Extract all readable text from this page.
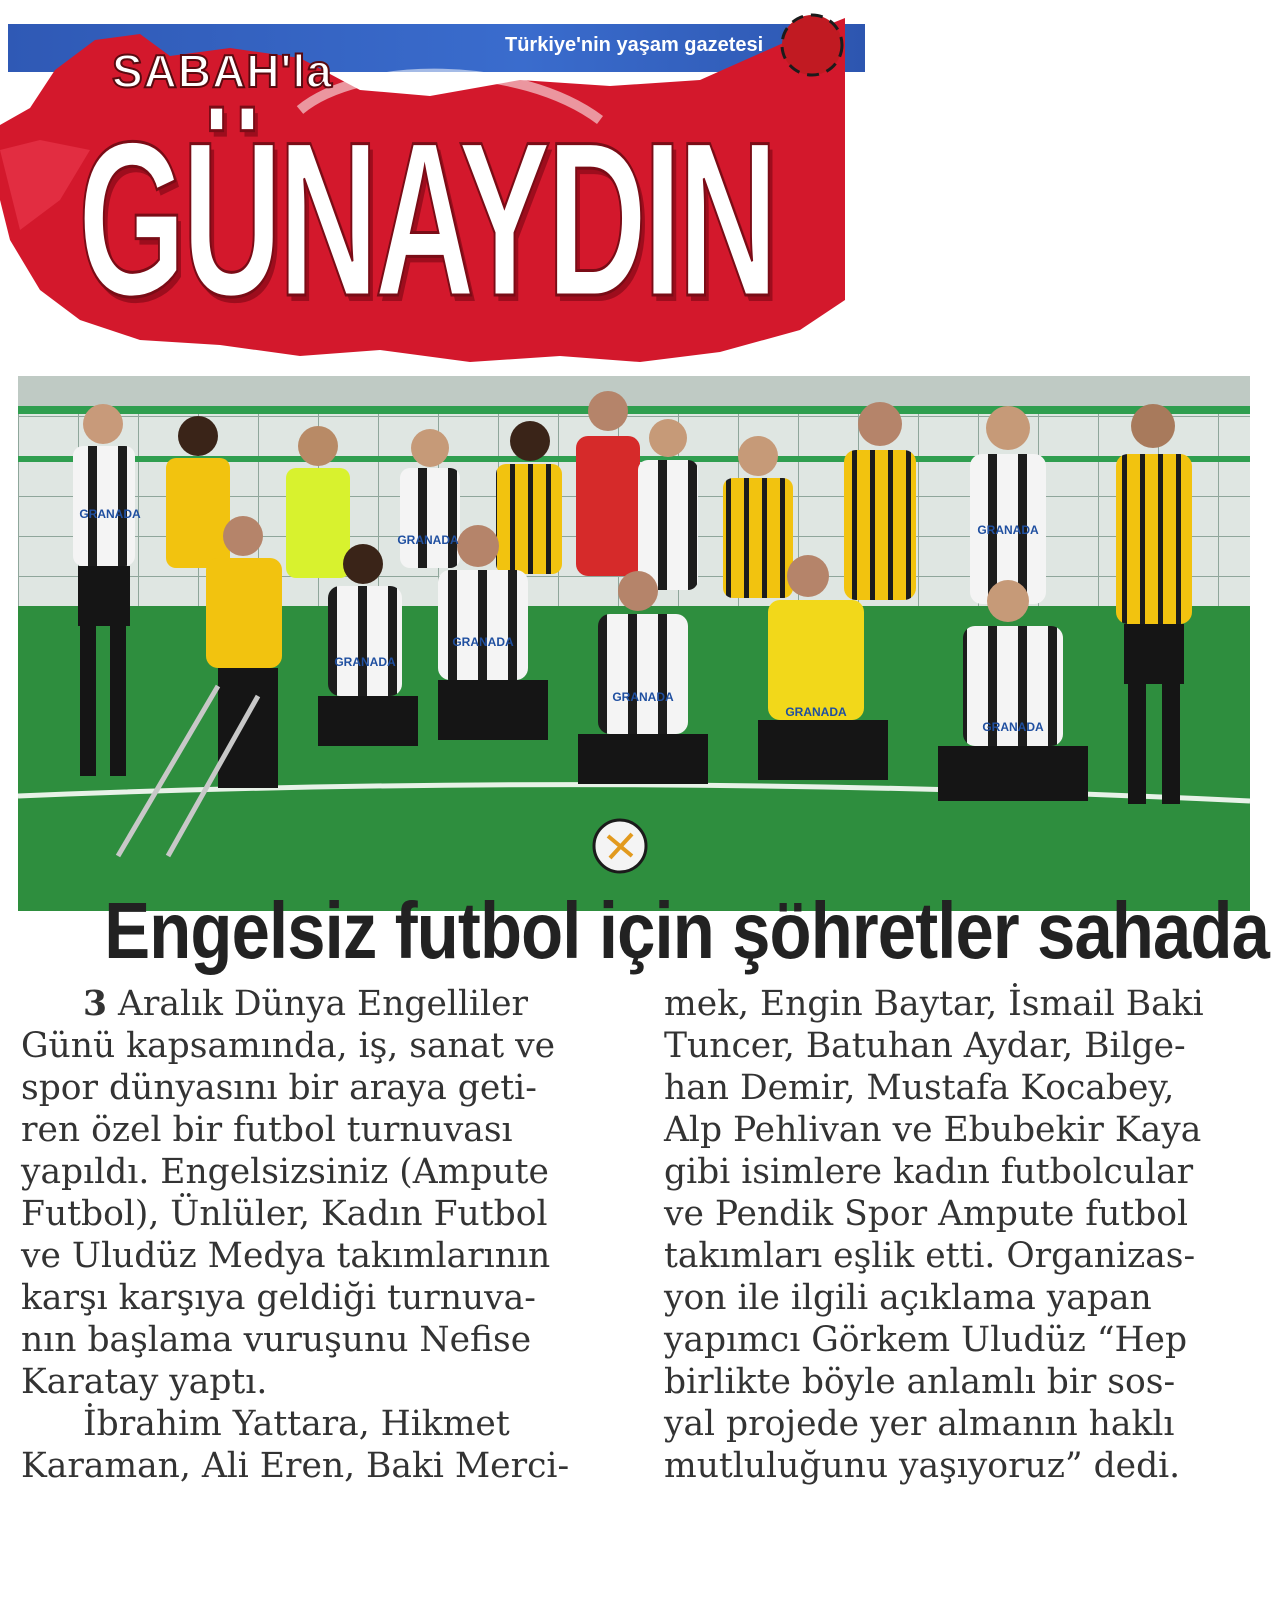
Türkiye'nin yaşam gazetesi
SABAH'la
GÜNAYDIN
GRANADA
GRANADA
GRANADA
GRANADA
GRANADA
GRANADA
GRANADA
GRANADA
Engelsiz futbol için şöhretler sahada
3 Aralık Dünya Engelliler
Günü kapsamında, iş, sanat ve
spor dünyasını bir araya geti-
ren özel bir futbol turnuvası
yapıldı. Engelsizsiniz (Ampute
Futbol), Ünlüler, Kadın Futbol
ve Uludüz Medya takımlarının
karşı karşıya geldiği turnuva-
nın başlama vuruşunu Nefise
Karatay yaptı.
İbrahim Yattara, Hikmet
Karaman, Ali Eren, Baki Merci-
mek, Engin Baytar, İsmail Baki
Tuncer, Batuhan Aydar, Bilge-
han Demir, Mustafa Kocabey,
Alp Pehlivan ve Ebubekir Kaya
gibi isimlere kadın futbolcular
ve Pendik Spor Ampute futbol
takımları eşlik etti. Organizas-
yon ile ilgili açıklama yapan
yapımcı Görkem Uludüz “Hep
birlikte böyle anlamlı bir sos-
yal projede yer almanın haklı
mutluluğunu yaşıyoruz” dedi.
